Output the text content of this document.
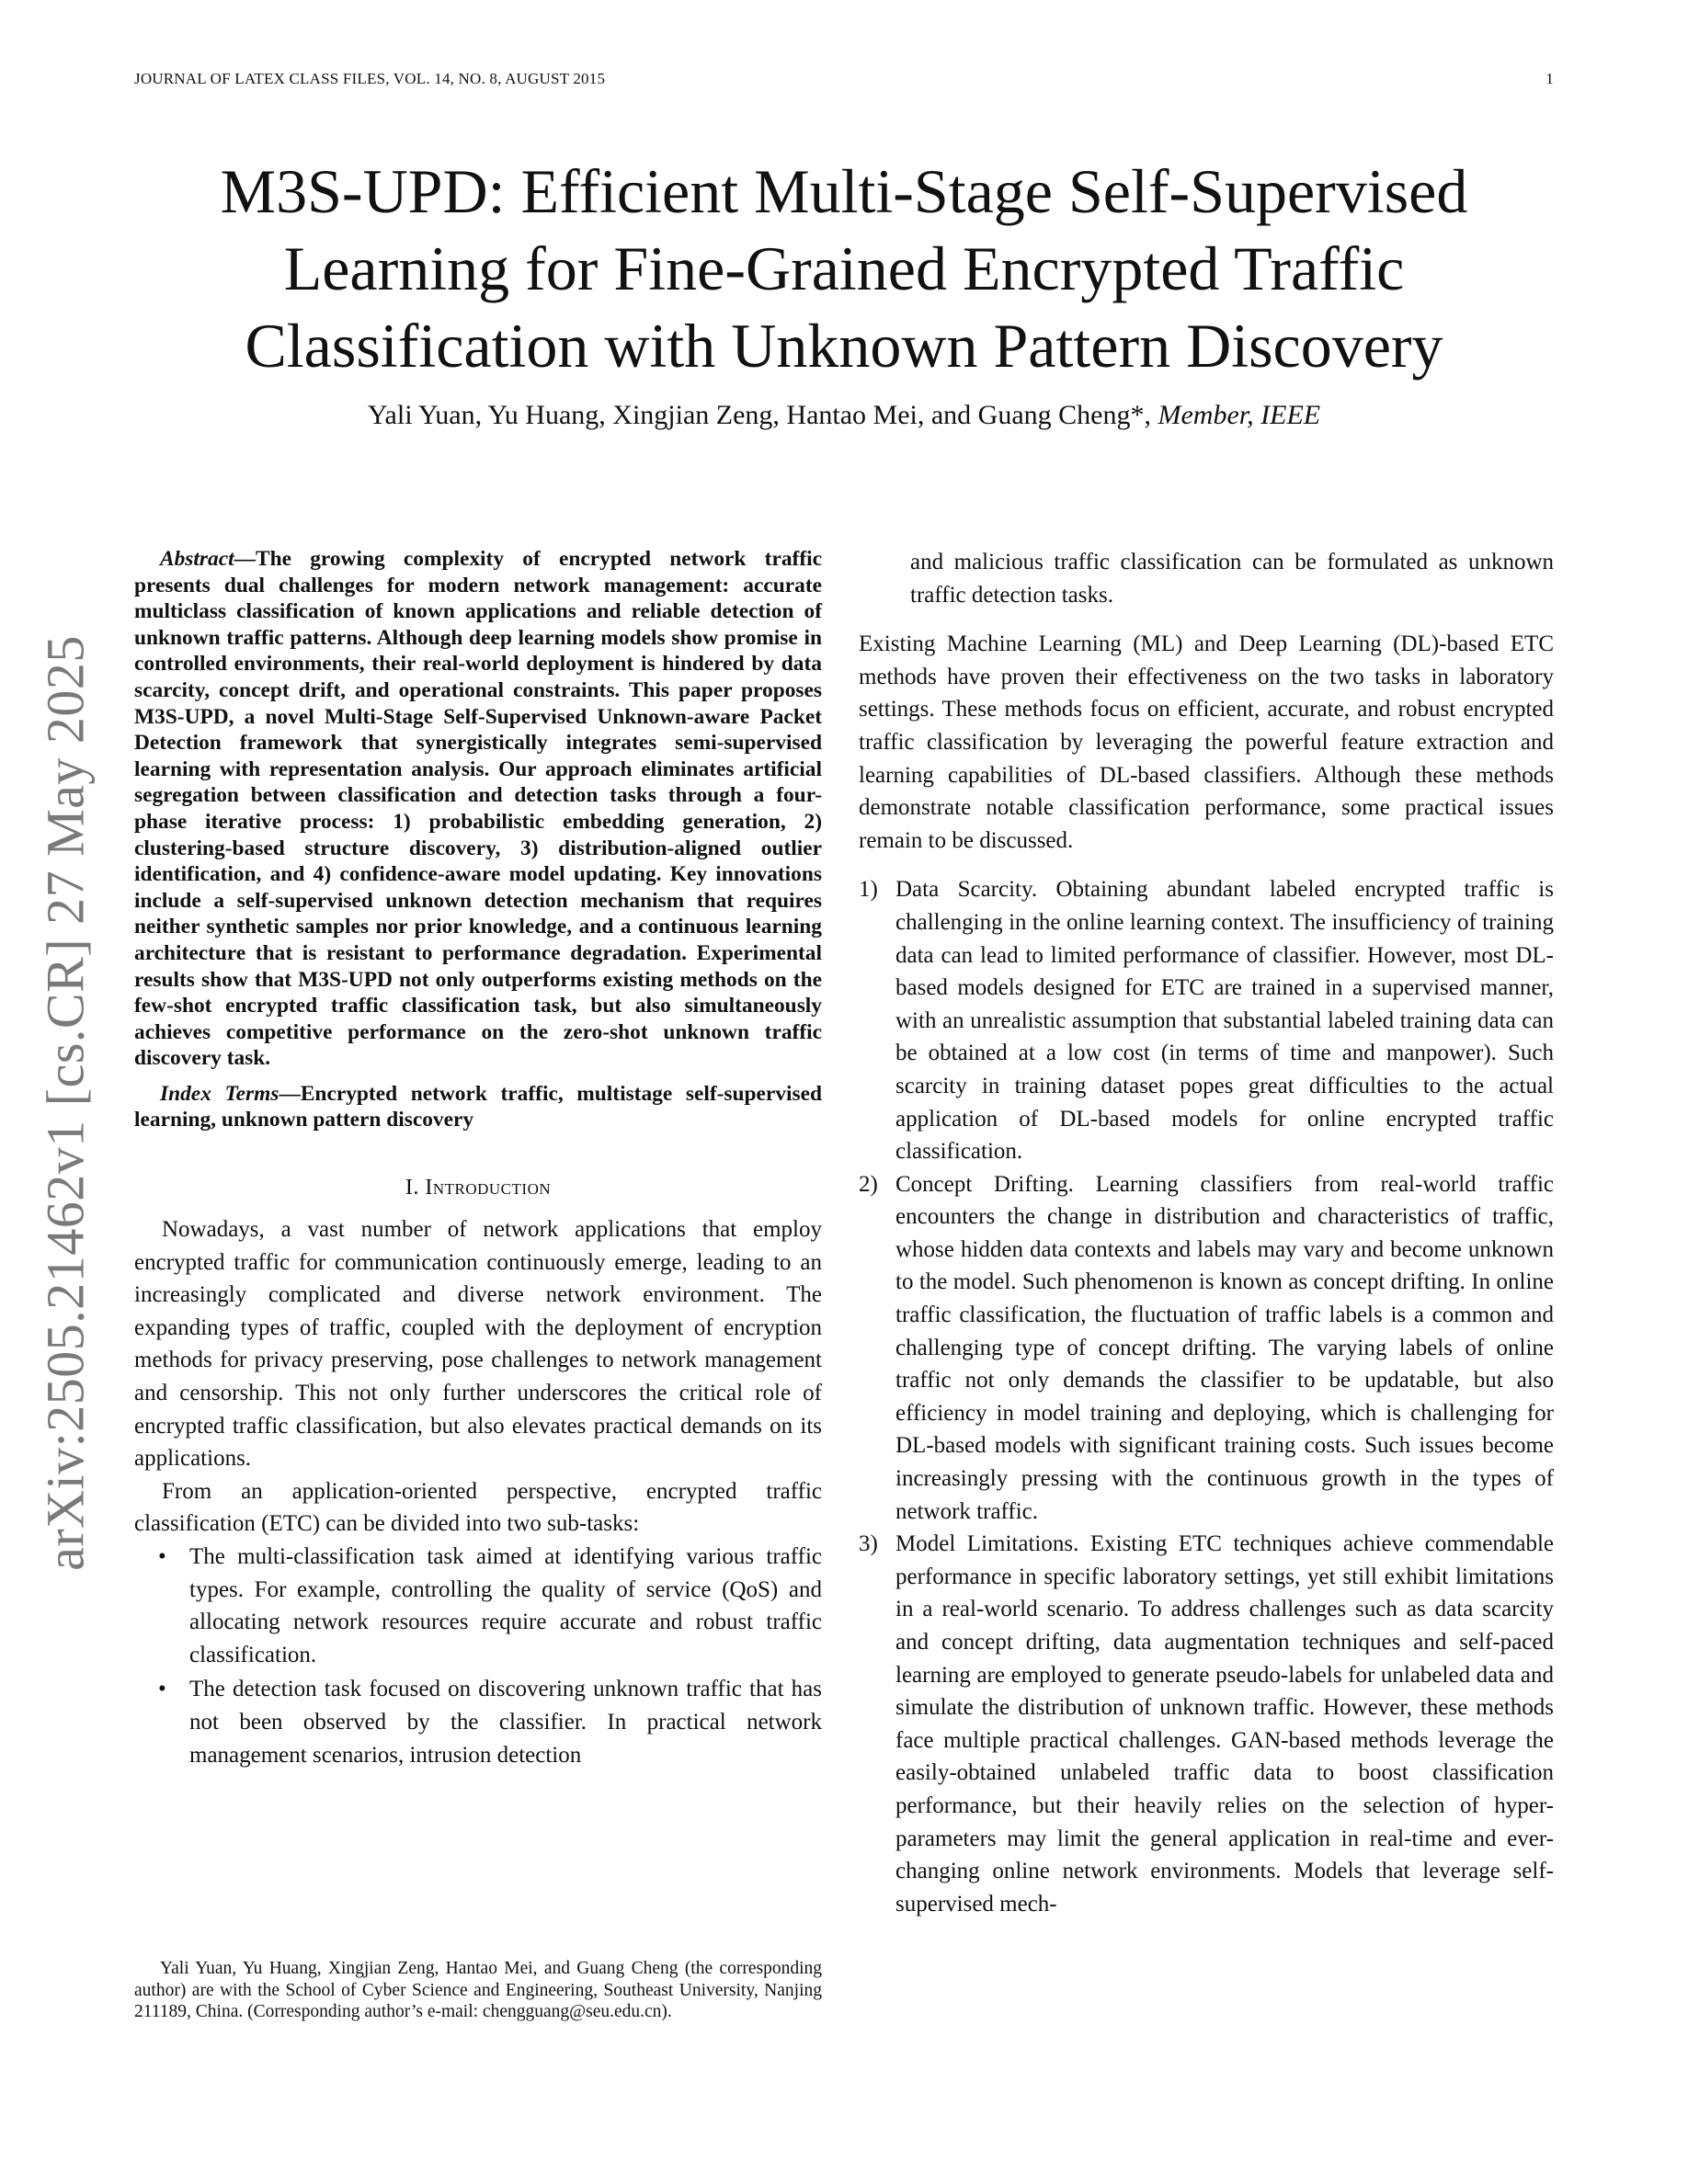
JOURNAL OF LATEX CLASS FILES, VOL. 14, NO. 8, AUGUST 2015	1
M3S-UPD: Efficient Multi-Stage Self-Supervised Learning for Fine-Grained Encrypted Traffic Classification with Unknown Pattern Discovery
Yali Yuan, Yu Huang, Xingjian Zeng, Hantao Mei, and Guang Cheng*, Member, IEEE
arXiv:2505.21462v1 [cs.CR] 27 May 2025

Abstract—The growing complexity of encrypted network traffic presents dual challenges for modern network management: accurate multiclass classification of known applications and reliable detection of unknown traffic patterns. Although deep learning models show promise in controlled environments, their real-world deployment is hindered by data scarcity, concept drift, and operational constraints. This paper proposes M3S-UPD, a novel Multi-Stage Self-Supervised Unknown-aware Packet Detection framework that synergistically integrates semi-supervised learning with representation analysis. Our approach eliminates artificial segregation between classification and detection tasks through a four-phase iterative process: 1) probabilistic embedding generation, 2) clustering-based structure discovery, 3) distribution-aligned outlier identification, and 4) confidence-aware model updating. Key innovations include a self-supervised unknown detection mechanism that requires neither synthetic samples nor prior knowledge, and a continuous learning architecture that is resistant to performance degradation. Experimental results show that M3S-UPD not only outperforms existing methods on the few-shot encrypted traffic classification task, but also simultaneously achieves competitive performance on the zero-shot unknown traffic discovery task.

Index Terms—Encrypted network traffic, multistage self-supervised learning, unknown pattern discovery

I. Introduction

Nowadays, a vast number of network applications that employ encrypted traffic for communication continuously emerge, leading to an increasingly complicated and diverse network environment. The expanding types of traffic, coupled with the deployment of encryption methods for privacy preserving, pose challenges to network management and censorship. This not only further underscores the critical role of encrypted traffic classification, but also elevates practical demands on its applications.

From an application-oriented perspective, encrypted traffic classification (ETC) can be divided into two sub-tasks:

• The multi-classification task aimed at identifying various traffic types. For example, controlling the quality of service (QoS) and allocating network resources require accurate and robust traffic classification.
• The detection task focused on discovering unknown traffic that has not been observed by the classifier. In practical network management scenarios, intrusion detection

Yali Yuan, Yu Huang, Xingjian Zeng, Hantao Mei, and Guang Cheng (the corresponding author) are with the School of Cyber Science and Engineering, Southeast University, Nanjing 211189, China. (Corresponding author’s e-mail: chengguang@seu.edu.cn).

and malicious traffic classification can be formulated as unknown traffic detection tasks.

Existing Machine Learning (ML) and Deep Learning (DL)-based ETC methods have proven their effectiveness on the two tasks in laboratory settings. These methods focus on efficient, accurate, and robust encrypted traffic classification by leveraging the powerful feature extraction and learning capabilities of DL-based classifiers. Although these methods demonstrate notable classification performance, some practical issues remain to be discussed.

1) Data Scarcity. Obtaining abundant labeled encrypted traffic is challenging in the online learning context. The insufficiency of training data can lead to limited performance of classifier. However, most DL-based models designed for ETC are trained in a supervised manner, with an unrealistic assumption that substantial labeled training data can be obtained at a low cost (in terms of time and manpower). Such scarcity in training dataset popes great difficulties to the actual application of DL-based models for online encrypted traffic classification.
2) Concept Drifting. Learning classifiers from real-world traffic encounters the change in distribution and characteristics of traffic, whose hidden data contexts and labels may vary and become unknown to the model. Such phenomenon is known as concept drifting. In online traffic classification, the fluctuation of traffic labels is a common and challenging type of concept drifting. The varying labels of online traffic not only demands the classifier to be updatable, but also efficiency in model training and deploying, which is challenging for DL-based models with significant training costs. Such issues become increasingly pressing with the continuous growth in the types of network traffic.
3) Model Limitations. Existing ETC techniques achieve commendable performance in specific laboratory settings, yet still exhibit limitations in a real-world scenario. To address challenges such as data scarcity and concept drifting, data augmentation techniques and self-paced learning are employed to generate pseudo-labels for unlabeled data and simulate the distribution of unknown traffic. However, these methods face multiple practical challenges. GAN-based methods leverage the easily-obtained unlabeled traffic data to boost classification performance, but their heavily relies on the selection of hyper-parameters may limit the general application in real-time and ever-changing online network environments. Models that leverage self-supervised mech-
